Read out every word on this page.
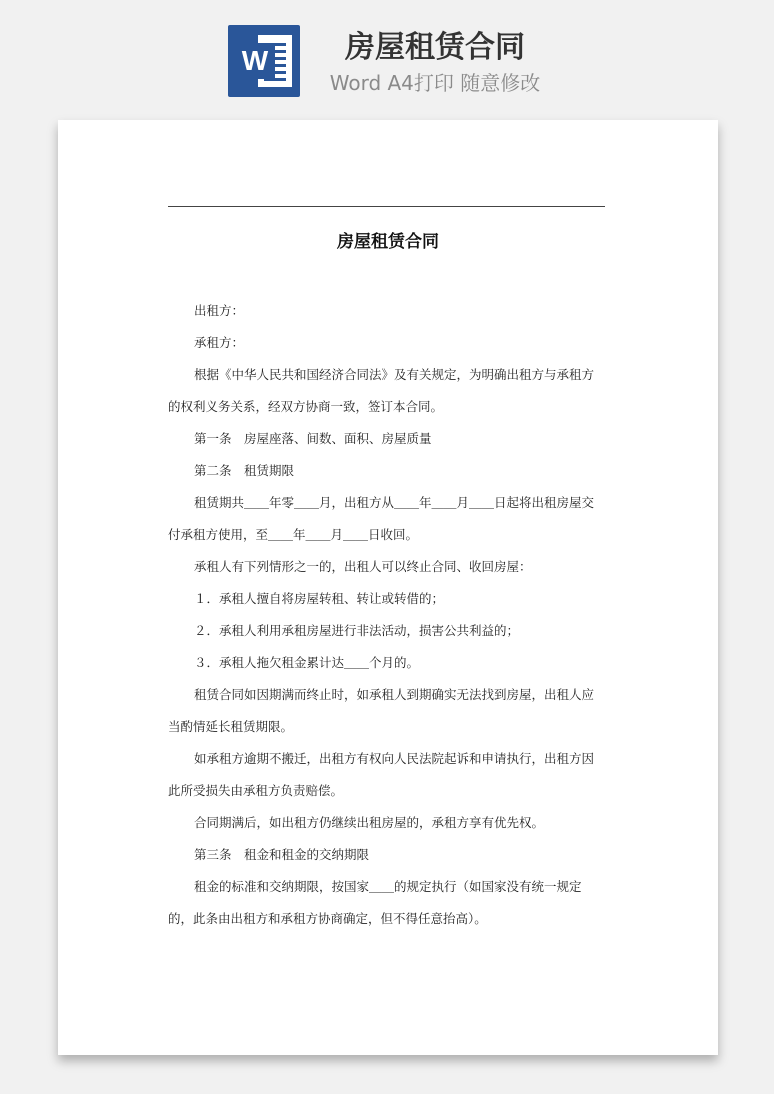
W	房屋租赁合同
Word A4打印 随意修改
房屋租赁合同

出租方：

承租方：

根据《中华人民共和国经济合同法》及有关规定，为明确出租方与承租方的权利义务关系，经双方协商一致，签订本合同。

第一条　房屋座落、间数、面积、房屋质量

第二条　租赁期限

租赁期共＿＿年零＿＿月，出租方从＿＿年＿＿月＿＿日起将出租房屋交付承租方使用，至＿＿年＿＿月＿＿日收回。

承租人有下列情形之一的，出租人可以终止合同、收回房屋：

１．承租人擅自将房屋转租、转让或转借的；

２．承租人利用承租房屋进行非法活动，损害公共利益的；

３．承租人拖欠租金累计达＿＿个月的。

租赁合同如因期满而终止时，如承租人到期确实无法找到房屋，出租人应当酌情延长租赁期限。

如承租方逾期不搬迁，出租方有权向人民法院起诉和申请执行，出租方因此所受损失由承租方负责赔偿。

合同期满后，如出租方仍继续出租房屋的，承租方享有优先权。

第三条　租金和租金的交纳期限

租金的标准和交纳期限，按国家＿＿的规定执行（如国家没有统一规定的，此条由出租方和承租方协商确定，但不得任意抬高）。
